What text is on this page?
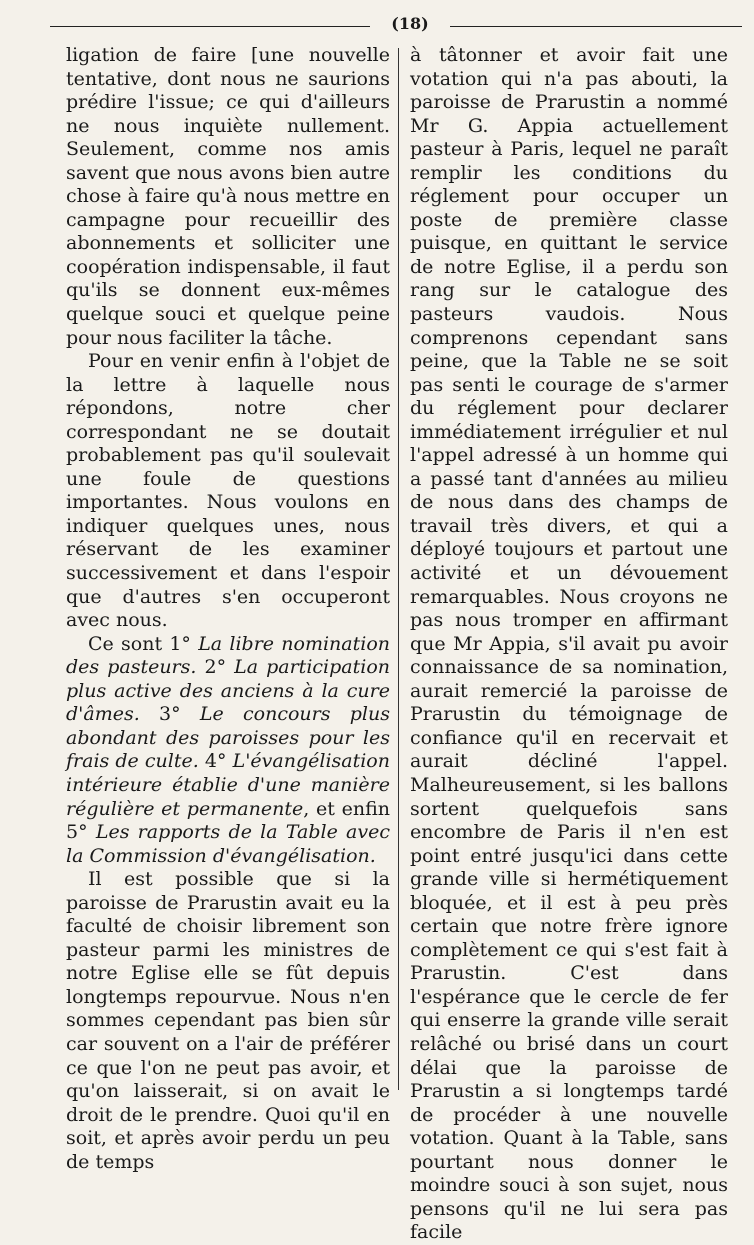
(18)

ligation de faire [une nouvelle tentative, dont nous ne saurions prédire l'issue; ce qui d'ailleurs ne nous inquiète nullement. Seulement, comme nos amis savent que nous avons bien autre chose à faire qu'à nous mettre en campagne pour recueillir des abonnements et solliciter une coopération indispensable, il faut qu'ils se donnent eux-mêmes quelque souci et quelque peine pour nous faciliter la tâche.

Pour en venir enfin à l'objet de la lettre à laquelle nous répondons, notre cher correspondant ne se doutait probablement pas qu'il soulevait une foule de questions importantes. Nous voulons en indiquer quelques unes, nous réservant de les examiner successivement et dans l'espoir que d'autres s'en occuperont avec nous.

Ce sont 1° La libre nomination des pasteurs. 2° La participation plus active des anciens à la cure d'âmes. 3° Le concours plus abondant des paroisses pour les frais de culte. 4° L'évangélisation intérieure établie d'une manière régulière et permanente, et enfin 5° Les rapports de la Table avec la Commission d'évangélisation.

Il est possible que si la paroisse de Prarustin avait eu la faculté de choisir librement son pasteur parmi les ministres de notre Eglise elle se fût depuis longtemps repourvue. Nous n'en sommes cependant pas bien sûr car souvent on a l'air de préférer ce que l'on ne peut pas avoir, et qu'on laisserait, si on avait le droit de le prendre. Quoi qu'il en soit, et après avoir perdu un peu de temps

à tâtonner et avoir fait une votation qui n'a pas abouti, la paroisse de Prarustin a nommé Mr G. Appia actuellement pasteur à Paris, lequel ne paraît remplir les conditions du réglement pour occuper un poste de première classe puisque, en quittant le service de notre Eglise, il a perdu son rang sur le catalogue des pasteurs vaudois. Nous comprenons cependant sans peine, que la Table ne se soit pas senti le courage de s'armer du réglement pour declarer immédiatement irrégulier et nul l'appel adressé à un homme qui a passé tant d'années au milieu de nous dans des champs de travail très divers, et qui a déployé toujours et partout une activité et un dévouement remarquables. Nous croyons ne pas nous tromper en affirmant que Mr Appia, s'il avait pu avoir connaissance de sa nomination, aurait remercié la paroisse de Prarustin du témoignage de confiance qu'il en recervait et aurait décliné l'appel. Malheureusement, si les ballons sortent quelquefois sans encombre de Paris il n'en est point entré jusqu'ici dans cette grande ville si hermétiquement bloquée, et il est à peu près certain que notre frère ignore complètement ce qui s'est fait à Prarustin. C'est dans l'espérance que le cercle de fer qui enserre la grande ville serait relâché ou brisé dans un court délai que la paroisse de Prarustin a si longtemps tardé de procéder à une nouvelle votation. Quant à la Table, sans pourtant nous donner le moindre souci à son sujet, nous pensons qu'il ne lui sera pas facile
